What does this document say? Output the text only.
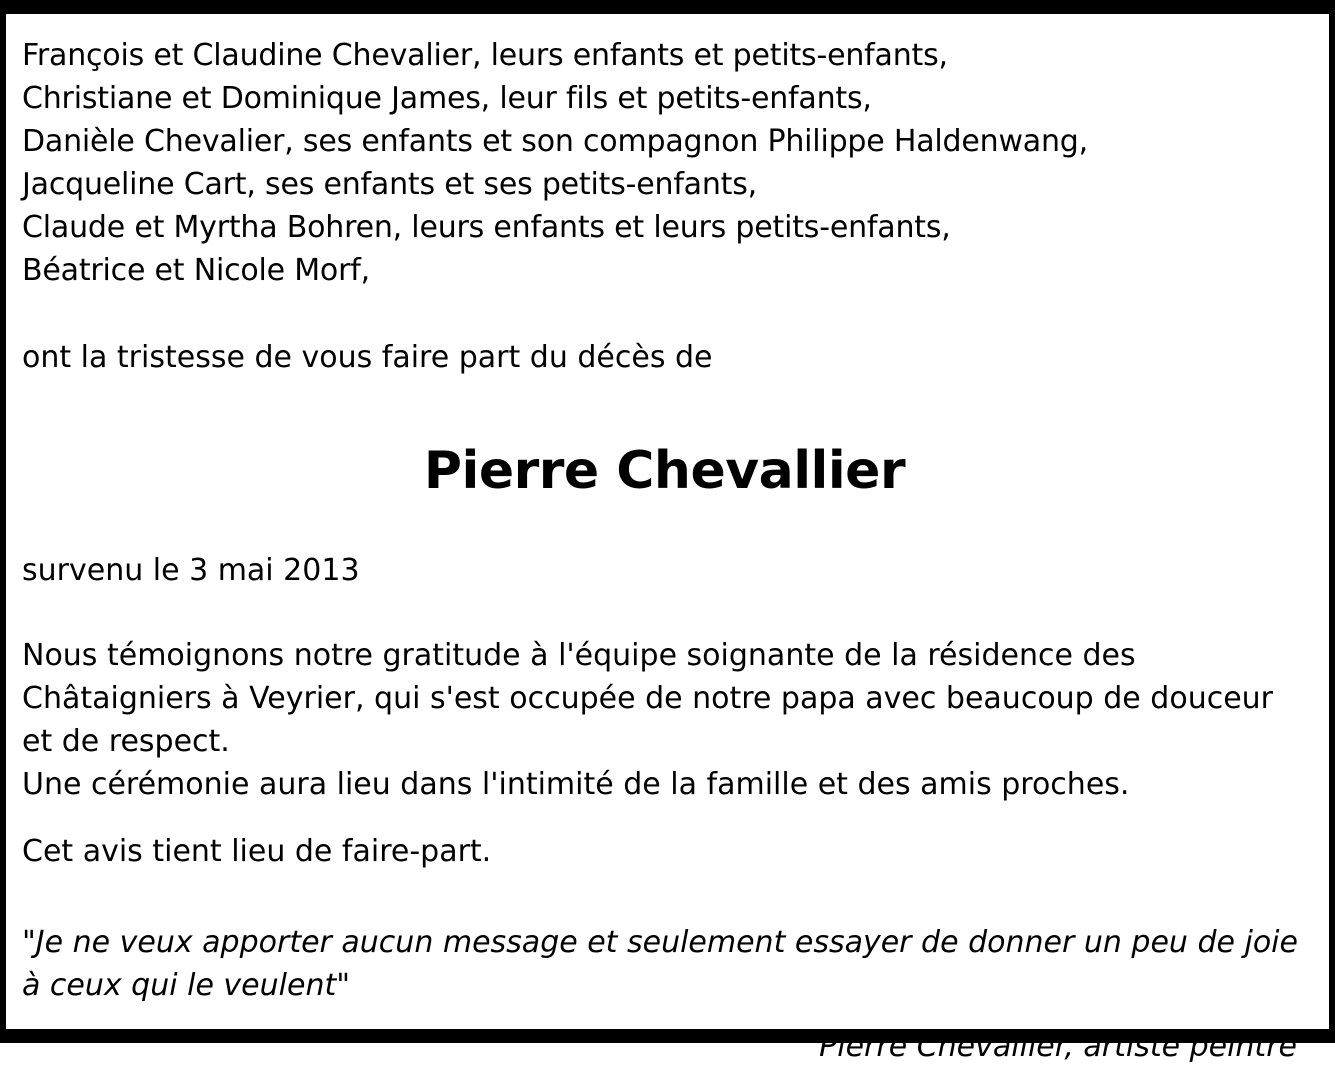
François et Claudine Chevalier, leurs enfants et petits-enfants,
Christiane et Dominique James, leur fils et petits-enfants,
Danièle Chevalier, ses enfants et son compagnon Philippe Haldenwang,
Jacqueline Cart, ses enfants et ses petits-enfants,
Claude et Myrtha Bohren, leurs enfants et leurs petits-enfants,
Béatrice et Nicole Morf,
ont la tristesse de vous faire part du décès de
Pierre Chevallier
survenu le 3 mai 2013
Nous témoignons notre gratitude à l'équipe soignante de la résidence des Châtaigniers à Veyrier, qui s'est occupée de notre papa avec beaucoup de douceur et de respect.
Une cérémonie aura lieu dans l'intimité de la famille et des amis proches.
Cet avis tient lieu de faire-part.
"Je ne veux apporter aucun message et seulement essayer de donner un peu de joie à ceux qui le veulent"
Pierre Chevallier, artiste peintre
